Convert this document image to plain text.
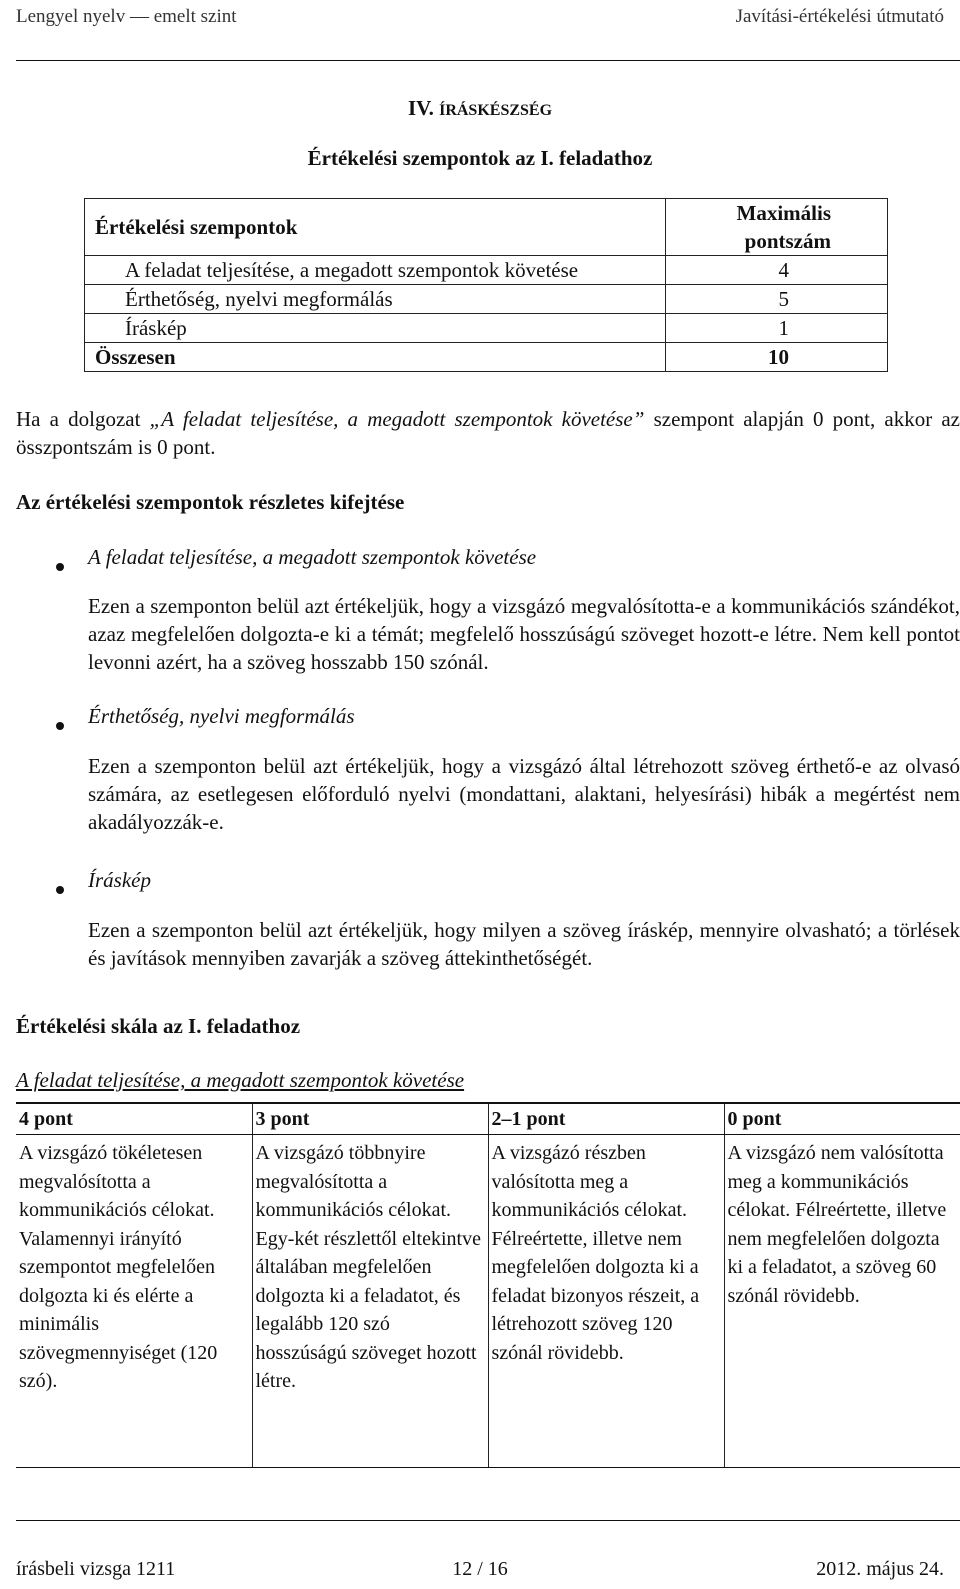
Lengyel nyelv — emelt szint	Javítási-értékelési útmutató
IV. ÍRÁSKÉSZSÉG
Értékelési szempontok az I. feladathoz
Értékelési szempontok	Maximális
pontszám

A feladat teljesítése, a megadott szempontok követése	4
Érthetőség, nyelvi megformálás	5
Íráskép	1
Összesen	10
Ha a dolgozat „A feladat teljesítése, a megadott szempontok követése” szempont alapján 0 pont, akkor az összpontszám is 0 pont.
Az értékelési szempontok részletes kifejtése
A feladat teljesítése, a megadott szempontok követése
Ezen a szemponton belül azt értékeljük, hogy a vizsgázó megvalósította-e a kommunikációs szándékot, azaz megfelelően dolgozta-e ki a témát; megfelelő hosszúságú szöveget hozott-e létre. Nem kell pontot levonni azért, ha a szöveg hosszabb 150 szónál.
Érthetőség, nyelvi megformálás
Ezen a szemponton belül azt értékeljük, hogy a vizsgázó által létrehozott szöveg érthető-e az olvasó számára, az esetlegesen előforduló nyelvi (mondattani, alaktani, helyesírási) hibák a megértést nem akadályozzák-e.
Íráskép
Ezen a szemponton belül azt értékeljük, hogy milyen a szöveg íráskép, mennyire olvasható; a törlések és javítások mennyiben zavarják a szöveg áttekinthetőségét.
Értékelési skála az I. feladathoz
A feladat teljesítése, a megadott szempontok követése
4 pont	3 pont	2–1 pont	0 pont
A vizsgázó tökéletesen megvalósította a kommunikációs célokat. Valamennyi irányító szempontot megfelelően dolgozta ki és elérte a minimális szövegmennyiséget (120 szó).	A vizsgázó többnyire megvalósította a kommunikációs célokat. Egy-két részlettől eltekintve általában megfelelően dolgozta ki a feladatot, és legalább 120 szó hosszúságú szöveget hozott létre.	A vizsgázó részben valósította meg a kommunikációs célokat. Félreértette, illetve nem megfelelően dolgozta ki a feladat bizonyos részeit, a létrehozott szöveg 120 szónál rövidebb.	A vizsgázó nem valósította meg a kommunikációs célokat. Félreértette, illetve nem megfelelően dolgozta ki a feladatot, a szöveg 60 szónál rövidebb.
írásbeli vizsga 1211	12 / 16	2012. május 24.
